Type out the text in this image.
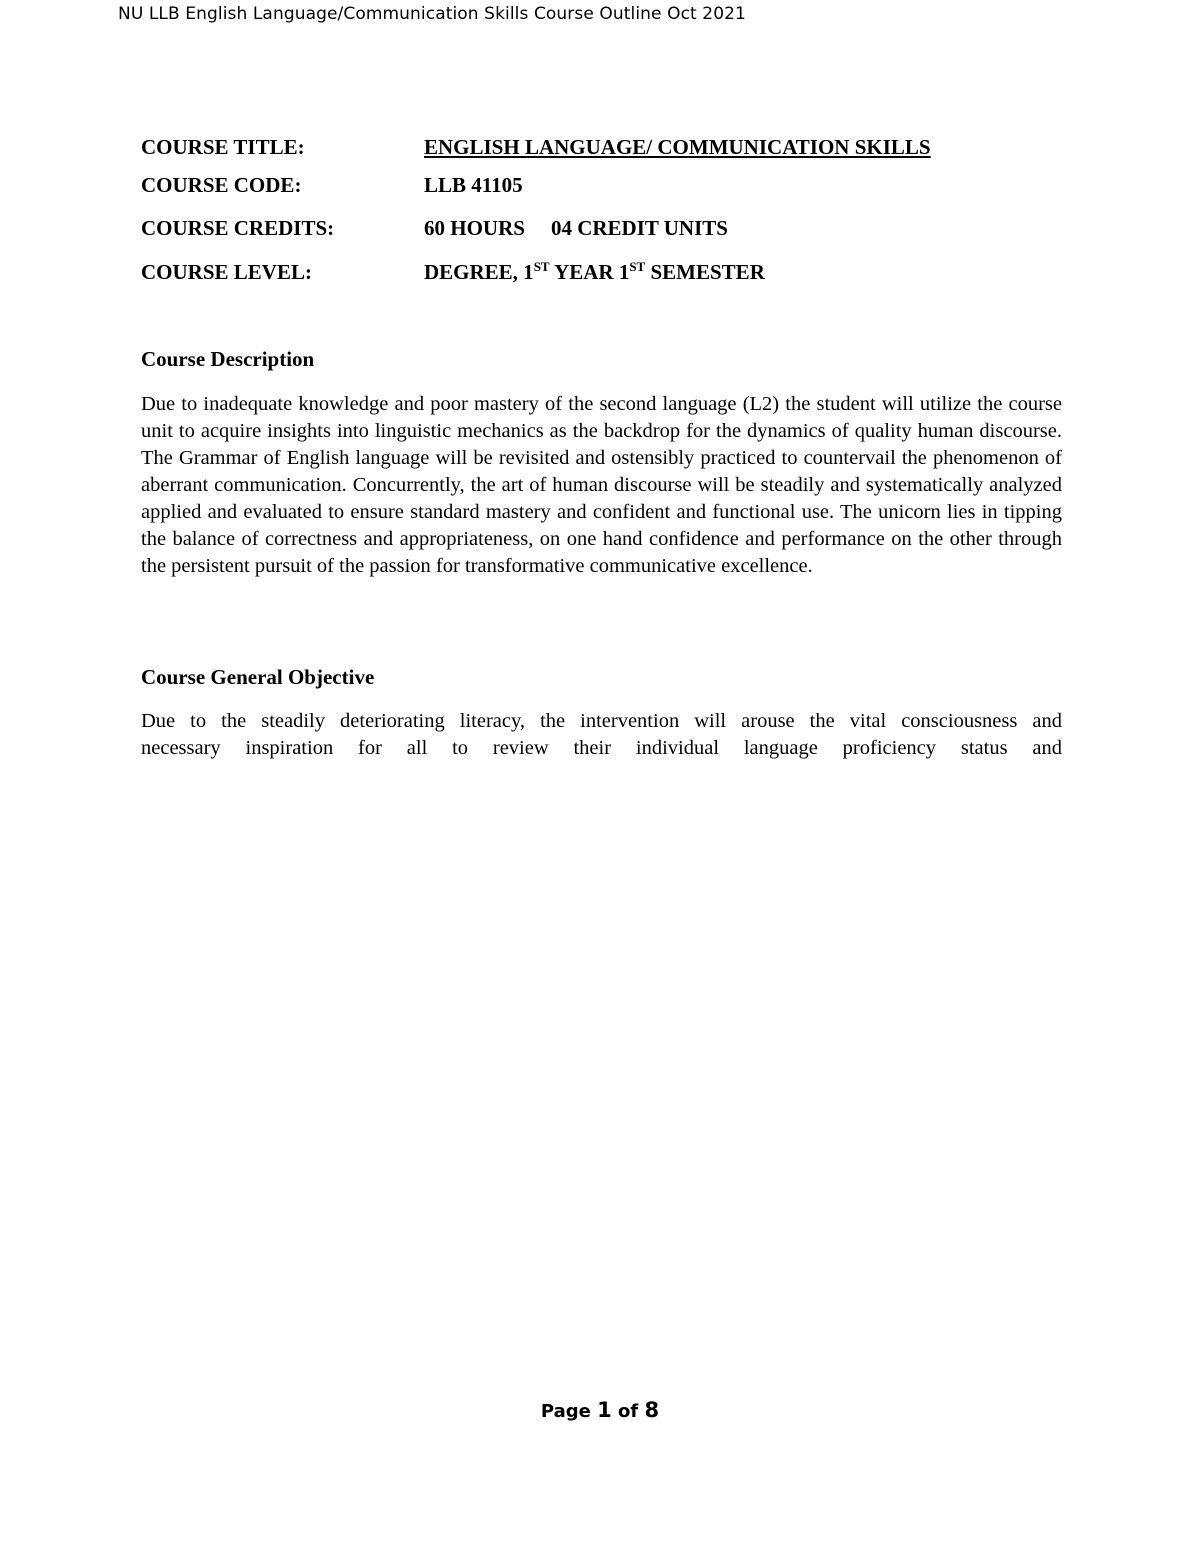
NU LLB English Language/Communication Skills Course Outline Oct 2021
COURSE TITLE:	ENGLISH LANGUAGE/ COMMUNICATION SKILLS
COURSE CODE:	LLB 41105
COURSE CREDITS:	60 HOURS 04 CREDIT UNITS
COURSE LEVEL:	DEGREE, 1ST YEAR 1ST SEMESTER
Course Description
Due to inadequate knowledge and poor mastery of the second language (L2) the student will utilize the course unit to acquire insights into linguistic mechanics as the backdrop for the dynamics of quality human discourse. The Grammar of English language will be revisited and ostensibly practiced to countervail the phenomenon of aberrant communication. Concurrently, the art of human discourse will be steadily and systematically analyzed applied and evaluated to ensure standard mastery and confident and functional use. The unicorn lies in tipping the balance of correctness and appropriateness, on one hand confidence and performance on the other through the persistent pursuit of the passion for transformative communicative excellence.
Course General Objective
Due to the steadily deteriorating literacy, the intervention will arouse the vital consciousness and
necessary inspiration for all to review their individual language proficiency status and
Page 1 of 8
